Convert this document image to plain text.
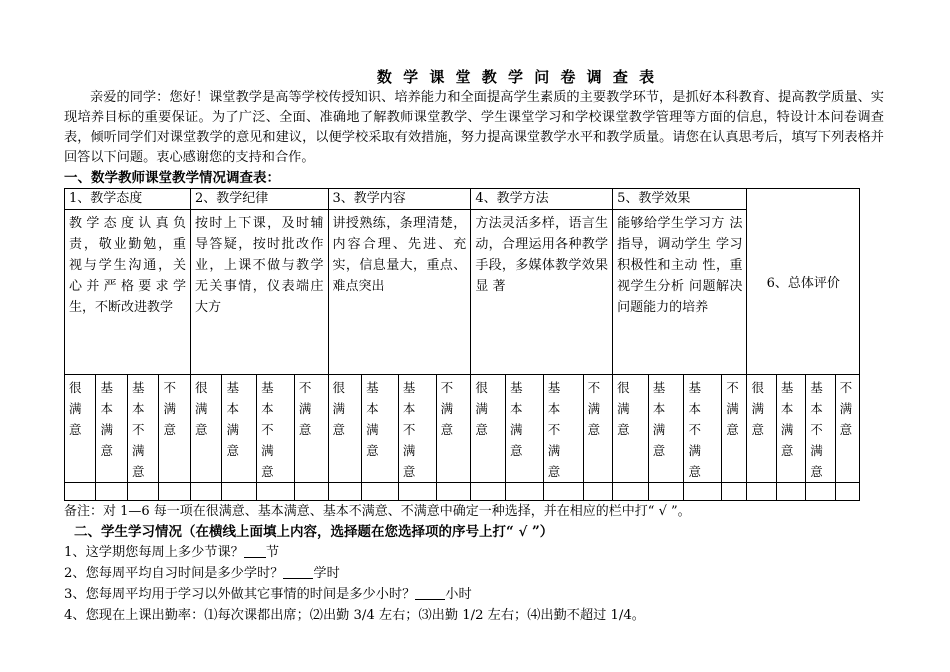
数 学 课 堂 教 学 问 卷 调 查 表

亲爱的同学：您好！课堂教学是高等学校传授知识、培养能力和全面提高学生素质的主要教学环节，是抓好本科教育、提高教学质量、实现培养目标的重要保证。为了广泛、全面、准确地了解教师课堂教学、学生课堂学习和学校课堂教学管理等方面的信息，特设计本问卷调查表，倾听同学们对课堂教学的意见和建议，以便学校采取有效措施，努力提高课堂教学水平和教学质量。请您在认真思考后，填写下列表格并回答以下问题。衷心感谢您的支持和合作。

一、数学教师课堂教学情况调查表：
1、教学态度				2、教学纪律				3、教学内容				4、教学方法				5、教学效果				6、总体评价			
教学态度认真负责，敬业勤勉，重视与学生沟通，关心并严格要求学生，不断改进教学				按时上下课，及时辅导答疑，按时批改作业，上课不做与教学无关事情，仪表端庄大方				讲授熟练，条理清楚，内容合理、先进、充实，信息量大，重点、难点突出				方法灵活多样，语言生动，合理运用各种教学手段，多媒体教学效果显 著				能够给学生学习方 法指导，调动学生 学习积极性和主动 性，重视学生分析 问题解决问题能力的培养							

很满意	基本满意	基本不满意	不满意	很满意	基本满意	基本不满意	不满意	很满意	基本满意	基本不满意	不满意	很满意	基本满意	基本不满意	不满意	很满意	基本满意	基本不满意	不满意	很满意	基本满意	基本不满意	不满意

备注：对 1—6 每一项在很满意、基本满意、基本不满意、不满意中确定一种选择，并在相应的栏中打“ √ ”。
二、学生学习情况（在横线上面填上内容，选择题在您选择项的序号上打“ √ ”）
1、这学期您每周上多少节课？ 节
2、您每周平均自习时间是多少学时？ 学时
3、您每周平均用于学习以外做其它事情的时间是多少小时？ 小时
4、您现在上课出勤率：⑴每次课都出席；⑵出勤 3/4 左右；⑶出勤 1/2 左右；⑷出勤不超过 1/4。
